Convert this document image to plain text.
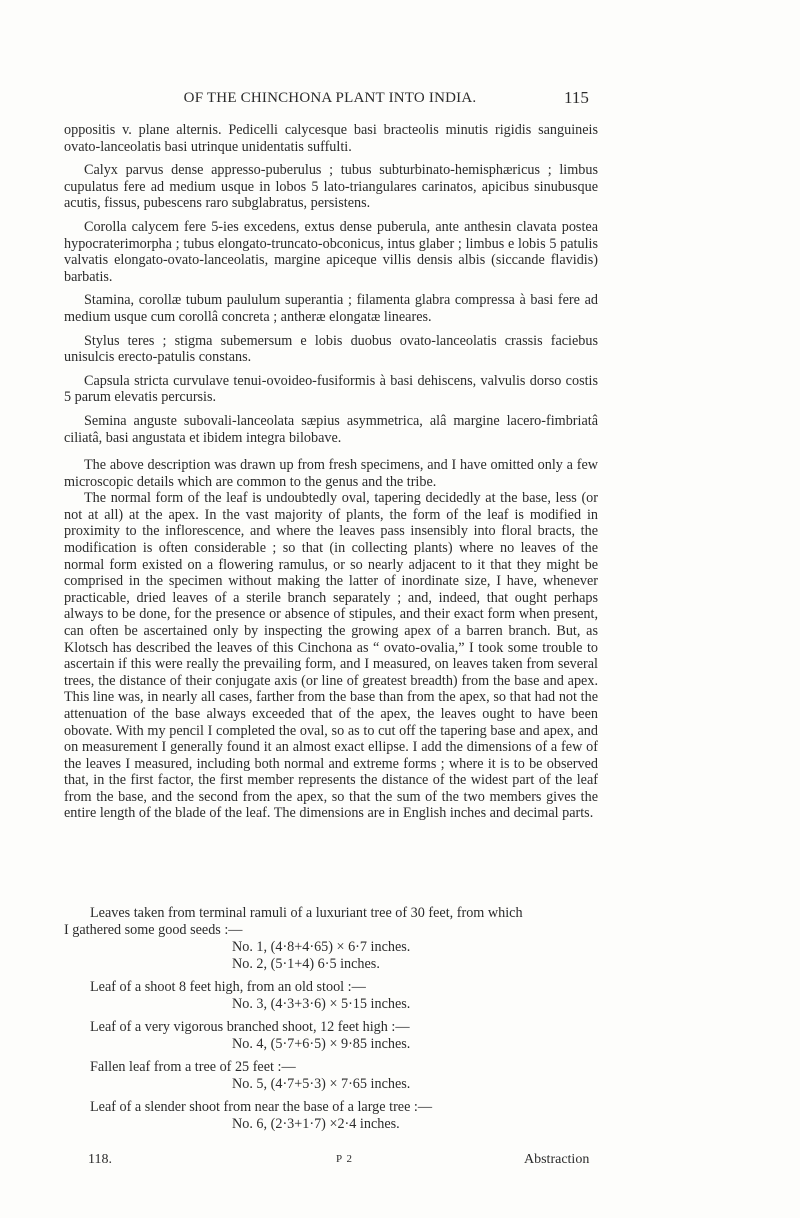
OF THE CHINCHONA PLANT INTO INDIA.	115

oppositis v. plane alternis. Pedicelli calycesque basi bracteolis minutis rigidis sanguineis ovato-lanceolatis basi utrinque unidentatis suffulti.

Calyx parvus dense appresso-puberulus ; tubus subturbinato-hemisphæricus ; limbus cupulatus fere ad medium usque in lobos 5 lato-triangulares carinatos, apicibus sinubusque acutis, fissus, pubescens raro subglabratus, persistens.

Corolla calycem fere 5-ies excedens, extus dense puberula, ante anthesin clavata postea hypocraterimorpha ; tubus elongato-truncato-obconicus, intus glaber ; limbus e lobis 5 patulis valvatis elongato-ovato-lanceolatis, margine apiceque villis densis albis (siccande flavidis) barbatis.

Stamina, corollæ tubum paululum superantia ; filamenta glabra compressa à basi fere ad medium usque cum corollâ concreta ; antheræ elongatæ lineares.

Stylus teres ; stigma subemersum e lobis duobus ovato-lanceolatis crassis faciebus unisulcis erecto-patulis constans.

Capsula stricta curvulave tenui-ovoideo-fusiformis à basi dehiscens, valvulis dorso costis 5 parum elevatis percursis.

Semina anguste subovali-lanceolata sæpius asymmetrica, alâ margine lacero-fimbriatâ ciliatâ, basi angustata et ibidem integra bilobave.

The above description was drawn up from fresh specimens, and I have omitted only a few microscopic details which are common to the genus and the tribe.

The normal form of the leaf is undoubtedly oval, tapering decidedly at the base, less (or not at all) at the apex. In the vast majority of plants, the form of the leaf is modified in proximity to the inflorescence, and where the leaves pass insensibly into floral bracts, the modification is often considerable ; so that (in collecting plants) where no leaves of the normal form existed on a flowering ramulus, or so nearly adjacent to it that they might be comprised in the specimen without making the latter of inordinate size, I have, whenever practicable, dried leaves of a sterile branch separately ; and, indeed, that ought perhaps always to be done, for the presence or absence of stipules, and their exact form when present, can often be ascertained only by inspecting the growing apex of a barren branch. But, as Klotsch has described the leaves of this Cinchona as “ ovato-ovalia,” I took some trouble to ascertain if this were really the prevailing form, and I measured, on leaves taken from several trees, the distance of their conjugate axis (or line of greatest breadth) from the base and apex. This line was, in nearly all cases, farther from the base than from the apex, so that had not the attenuation of the base always exceeded that of the apex, the leaves ought to have been obovate. With my pencil I completed the oval, so as to cut off the tapering base and apex, and on measurement I generally found it an almost exact ellipse. I add the dimensions of a few of the leaves I measured, including both normal and extreme forms ; where it is to be observed that, in the first factor, the first member represents the distance of the widest part of the leaf from the base, and the second from the apex, so that the sum of the two members gives the entire length of the blade of the leaf. The dimensions are in English inches and decimal parts.

Leaves taken from terminal ramuli of a luxuriant tree of 30 feet, from which

I gathered some good seeds :—

No. 1, (4·8+4·65) × 6·7 inches.

No. 2, (5·1+4) 6·5 inches.

Leaf of a shoot 8 feet high, from an old stool :—

No. 3, (4·3+3·6) × 5·15 inches.

Leaf of a very vigorous branched shoot, 12 feet high :—

No. 4, (5·7+6·5) × 9·85 inches.

Fallen leaf from a tree of 25 feet :—

No. 5, (4·7+5·3) × 7·65 inches.

Leaf of a slender shoot from near the base of a large tree :—

No. 6, (2·3+1·7) ×2·4 inches.

118.	P 2	Abstraction
